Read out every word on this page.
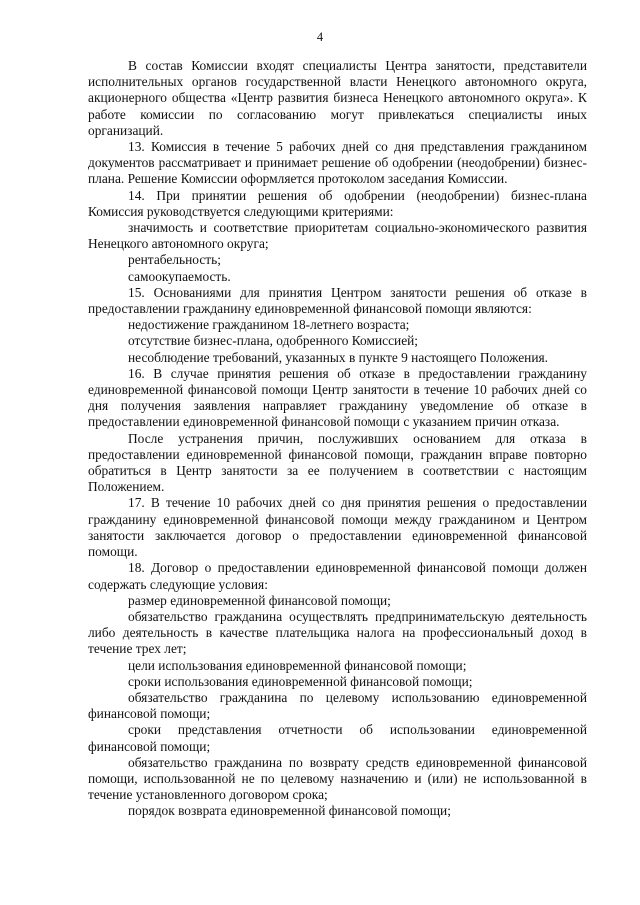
4

В состав Комиссии входят специалисты Центра занятости, представители исполнительных органов государственной власти Ненецкого автономного округа, акционерного общества «Центр развития бизнеса Ненецкого автономного округа». К работе комиссии по согласованию могут привлекаться специалисты иных организаций.

13. Комиссия в течение 5 рабочих дней со дня представления гражданином документов рассматривает и принимает решение об одобрении (неодобрении) бизнес-плана. Решение Комиссии оформляется протоколом заседания Комиссии.

14. При принятии решения об одобрении (неодобрении) бизнес-плана Комиссия руководствуется следующими критериями:

значимость и соответствие приоритетам социально-экономического развития Ненецкого автономного округа;

рентабельность;

самоокупаемость.

15. Основаниями для принятия Центром занятости решения об отказе в предоставлении гражданину единовременной финансовой помощи являются:

недостижение гражданином 18-летнего возраста;

отсутствие бизнес-плана, одобренного Комиссией;

несоблюдение требований, указанных в пункте 9 настоящего Положения.

16. В случае принятия решения об отказе в предоставлении гражданину единовременной финансовой помощи Центр занятости в течение 10 рабочих дней со дня получения заявления направляет гражданину уведомление об отказе в предоставлении единовременной финансовой помощи с указанием причин отказа.

После устранения причин, послуживших основанием для отказа в предоставлении единовременной финансовой помощи, гражданин вправе повторно обратиться в Центр занятости за ее получением в соответствии с настоящим Положением.

17. В течение 10 рабочих дней со дня принятия решения о предоставлении гражданину единовременной финансовой помощи между гражданином и Центром занятости заключается договор о предоставлении единовременной финансовой помощи.

18. Договор о предоставлении единовременной финансовой помощи должен содержать следующие условия:

размер единовременной финансовой помощи;

обязательство гражданина осуществлять предпринимательскую деятельность либо деятельность в качестве плательщика налога на профессиональный доход в течение трех лет;

цели использования единовременной финансовой помощи;

сроки использования единовременной финансовой помощи;

обязательство гражданина по целевому использованию единовременной финансовой помощи;

сроки представления отчетности об использовании единовременной финансовой помощи;

обязательство гражданина по возврату средств единовременной финансовой помощи, использованной не по целевому назначению и (или) не использованной в течение установленного договором срока;

порядок возврата единовременной финансовой помощи;
